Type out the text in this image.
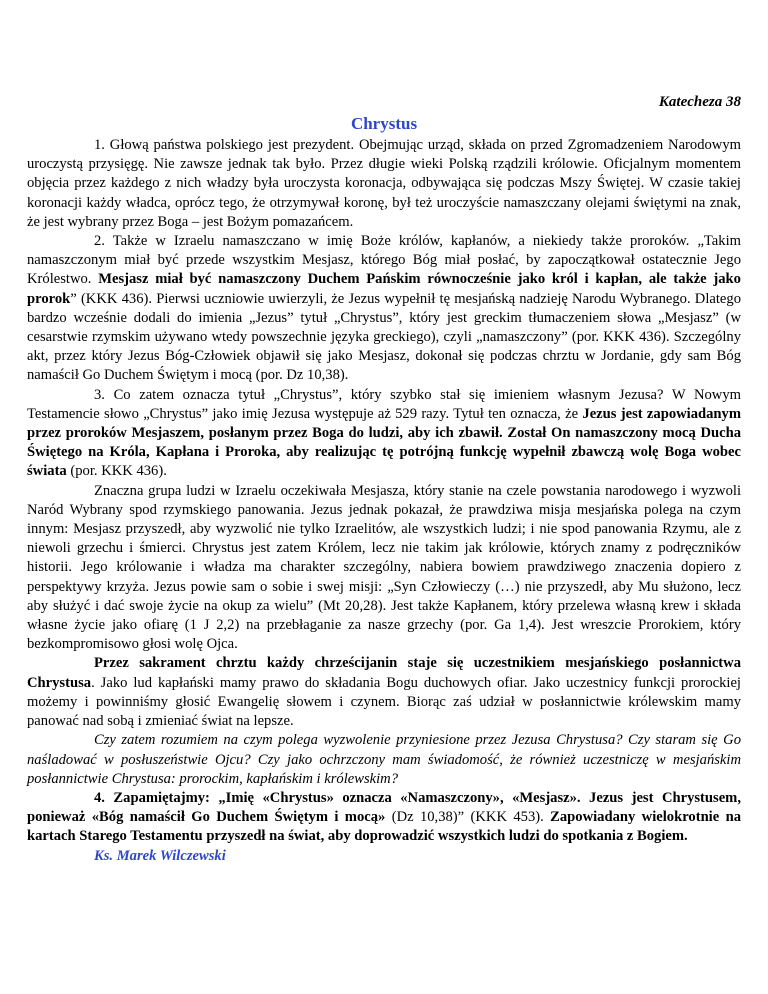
Katecheza 38

Chrystus

1. Głową państwa polskiego jest prezydent. Obejmując urząd, składa on przed Zgromadzeniem Narodowym uroczystą przysięgę. Nie zawsze jednak tak było. Przez długie wieki Polską rządzili królowie. Oficjalnym momentem objęcia przez każdego z nich władzy była uroczysta koronacja, odbywająca się podczas Mszy Świętej. W czasie takiej koronacji każdy władca, oprócz tego, że otrzymywał koronę, był też uroczyście namaszczany olejami świętymi na znak, że jest wybrany przez Boga – jest Bożym pomazańcem.

2. Także w Izraelu namaszczano w imię Boże królów, kapłanów, a niekiedy także proroków. „Takim namaszczonym miał być przede wszystkim Mesjasz, którego Bóg miał posłać, by zapoczątkował ostatecznie Jego Królestwo. Mesjasz miał być namaszczony Duchem Pańskim równocześnie jako król i kapłan, ale także jako prorok” (KKK 436). Pierwsi uczniowie uwierzyli, że Jezus wypełnił tę mesjańską nadzieję Narodu Wybranego. Dlatego bardzo wcześnie dodali do imienia „Jezus” tytuł „Chrystus”, który jest greckim tłumaczeniem słowa „Mesjasz” (w cesarstwie rzymskim używano wtedy powszechnie języka greckiego), czyli „namaszczony” (por. KKK 436). Szczególny akt, przez który Jezus Bóg-Człowiek objawił się jako Mesjasz, dokonał się podczas chrztu w Jordanie, gdy sam Bóg namaścił Go Duchem Świętym i mocą (por. Dz 10,38).

3. Co zatem oznacza tytuł „Chrystus”, który szybko stał się imieniem własnym Jezusa? W Nowym Testamencie słowo „Chrystus” jako imię Jezusa występuje aż 529 razy. Tytuł ten oznacza, że Jezus jest zapowiadanym przez proroków Mesjaszem, posłanym przez Boga do ludzi, aby ich zbawił. Został On namaszczony mocą Ducha Świętego na Króla, Kapłana i Proroka, aby realizując tę potrójną funkcję wypełnił zbawczą wolę Boga wobec świata (por. KKK 436).

Znaczna grupa ludzi w Izraelu oczekiwała Mesjasza, który stanie na czele powstania narodowego i wyzwoli Naród Wybrany spod rzymskiego panowania. Jezus jednak pokazał, że prawdziwa misja mesjańska polega na czym innym: Mesjasz przyszedł, aby wyzwolić nie tylko Izraelitów, ale wszystkich ludzi; i nie spod panowania Rzymu, ale z niewoli grzechu i śmierci. Chrystus jest zatem Królem, lecz nie takim jak królowie, których znamy z podręczników historii. Jego królowanie i władza ma charakter szczególny, nabiera bowiem prawdziwego znaczenia dopiero z perspektywy krzyża. Jezus powie sam o sobie i swej misji: „Syn Człowieczy (…) nie przyszedł, aby Mu służono, lecz aby służyć i dać swoje życie na okup za wielu” (Mt 20,28). Jest także Kapłanem, który przelewa własną krew i składa własne życie jako ofiarę (1 J 2,2) na przebłaganie za nasze grzechy (por. Ga 1,4). Jest wreszcie Prorokiem, który bezkompromisowo głosi wolę Ojca.

Przez sakrament chrztu każdy chrześcijanin staje się uczestnikiem mesjańskiego posłannictwa Chrystusa. Jako lud kapłański mamy prawo do składania Bogu duchowych ofiar. Jako uczestnicy funkcji prorockiej możemy i powinniśmy głosić Ewangelię słowem i czynem. Biorąc zaś udział w posłannictwie królewskim mamy panować nad sobą i zmieniać świat na lepsze.

Czy zatem rozumiem na czym polega wyzwolenie przyniesione przez Jezusa Chrystusa? Czy staram się Go naśladować w posłuszeństwie Ojcu? Czy jako ochrzczony mam świadomość, że również uczestniczę w mesjańskim posłannictwie Chrystusa: prorockim, kapłańskim i królewskim?

4. Zapamiętajmy: „Imię «Chrystus» oznacza «Namaszczony», «Mesjasz». Jezus jest Chrystusem, ponieważ «Bóg namaścił Go Duchem Świętym i mocą» (Dz 10,38)” (KKK 453). Zapowiadany wielokrotnie na kartach Starego Testamentu przyszedł na świat, aby doprowadzić wszystkich ludzi do spotkania z Bogiem.

Ks. Marek Wilczewski
